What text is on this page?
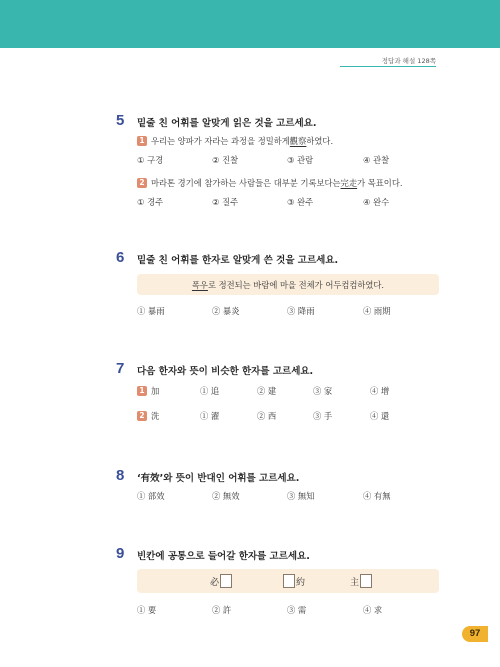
정답과 해설 128쪽
5 밑줄 친 어휘를 알맞게 읽은 것을 고르세요.
1 우리는 양파가 자라는 과정을 정밀하게 觀察 하였다.
① 구경	② 진찰	③ 관람	④ 관찰
2 마라톤 경기에 참가하는 사람들은 대부분 기록보다는 完走 가 목표이다.
① 경주	② 질주	③ 완주	④ 완수
6 밑줄 친 어휘를 한자로 알맞게 쓴 것을 고르세요.
폭우로 정전되는 바람에 마을 전체가 어두컴컴하였다.
① 暴雨	② 暴炎	③ 降雨	④ 雨期
7 다음 한자와 뜻이 비슷한 한자를 고르세요.
1 加	① 追	② 建	③ 家	④ 增
2 洗	① 濯	② 西	③ 手	④ 還
8 ‘有效’와 뜻이 반대인 어휘를 고르세요.
① 部效	② 無效	③ 無知	④ 有無
9 빈칸에 공통으로 들어갈 한자를 고르세요.
必	約	主
① 要	② 許	③ 需	④ 求
97
